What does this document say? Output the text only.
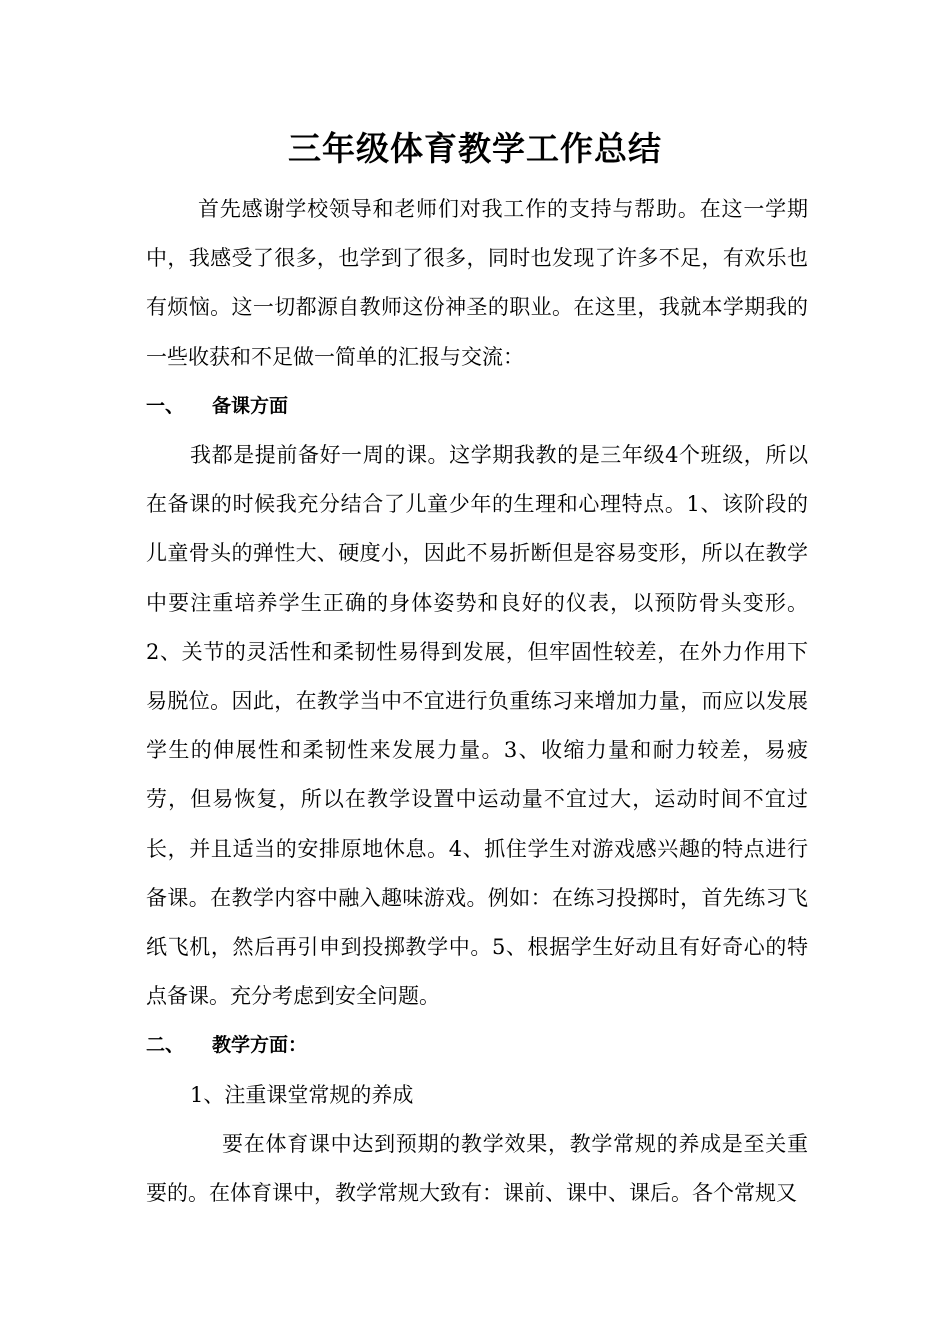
三年级体育教学工作总结

首先感谢学校领导和老师们对我工作的支持与帮助。在这一学期中，我感受了很多，也学到了很多，同时也发现了许多不足，有欢乐也有烦恼。这一切都源自教师这份神圣的职业。在这里，我就本学期我的一些收获和不足做一简单的汇报与交流：

一、 备课方面

我都是提前备好一周的课。这学期我教的是三年级4个班级，所以在备课的时候我充分结合了儿童少年的生理和心理特点。1、该阶段的儿童骨头的弹性大、硬度小，因此不易折断但是容易变形，所以在教学中要注重培养学生正确的身体姿势和良好的仪表，以预防骨头变形。2、关节的灵活性和柔韧性易得到发展，但牢固性较差，在外力作用下易脱位。因此，在教学当中不宜进行负重练习来增加力量，而应以发展学生的伸展性和柔韧性来发展力量。3、收缩力量和耐力较差，易疲劳，但易恢复，所以在教学设置中运动量不宜过大，运动时间不宜过长，并且适当的安排原地休息。4、抓住学生对游戏感兴趣的特点进行备课。在教学内容中融入趣味游戏。例如：在练习投掷时，首先练习飞纸飞机，然后再引申到投掷教学中。5、根据学生好动且有好奇心的特点备课。充分考虑到安全问题。

二、 教学方面：

1、注重课堂常规的养成

要在体育课中达到预期的教学效果，教学常规的养成是至关重要的。在体育课中，教学常规大致有：课前、课中、课后。各个常规又
